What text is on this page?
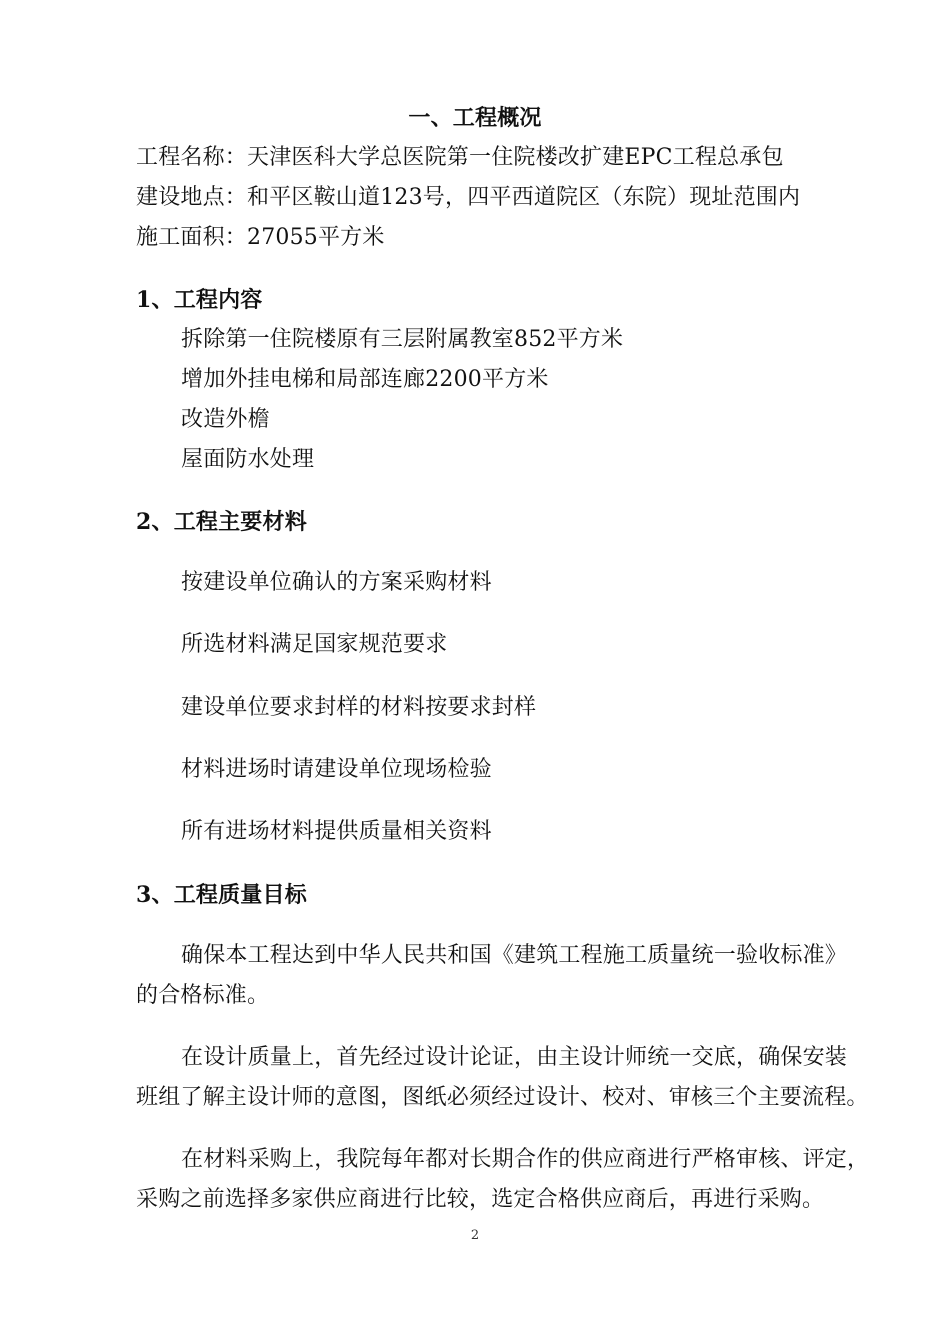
一、工程概况
工程名称：天津医科大学总医院第一住院楼改扩建EPC工程总承包
建设地点：和平区鞍山道123号，四平西道院区（东院）现址范围内
施工面积：27055平方米
1、工程内容
拆除第一住院楼原有三层附属教室852平方米
增加外挂电梯和局部连廊2200平方米
改造外檐
屋面防水处理
2、工程主要材料
按建设单位确认的方案采购材料
所选材料满足国家规范要求
建设单位要求封样的材料按要求封样
材料进场时请建设单位现场检验
所有进场材料提供质量相关资料
3、工程质量目标
确保本工程达到中华人民共和国《建筑工程施工质量统一验收标准》
的合格标准。
在设计质量上，首先经过设计论证，由主设计师统一交底，确保安装
班组了解主设计师的意图，图纸必须经过设计、校对、审核三个主要流程。
在材料采购上，我院每年都对长期合作的供应商进行严格审核、评定，
采购之前选择多家供应商进行比较，选定合格供应商后，再进行采购。
2
